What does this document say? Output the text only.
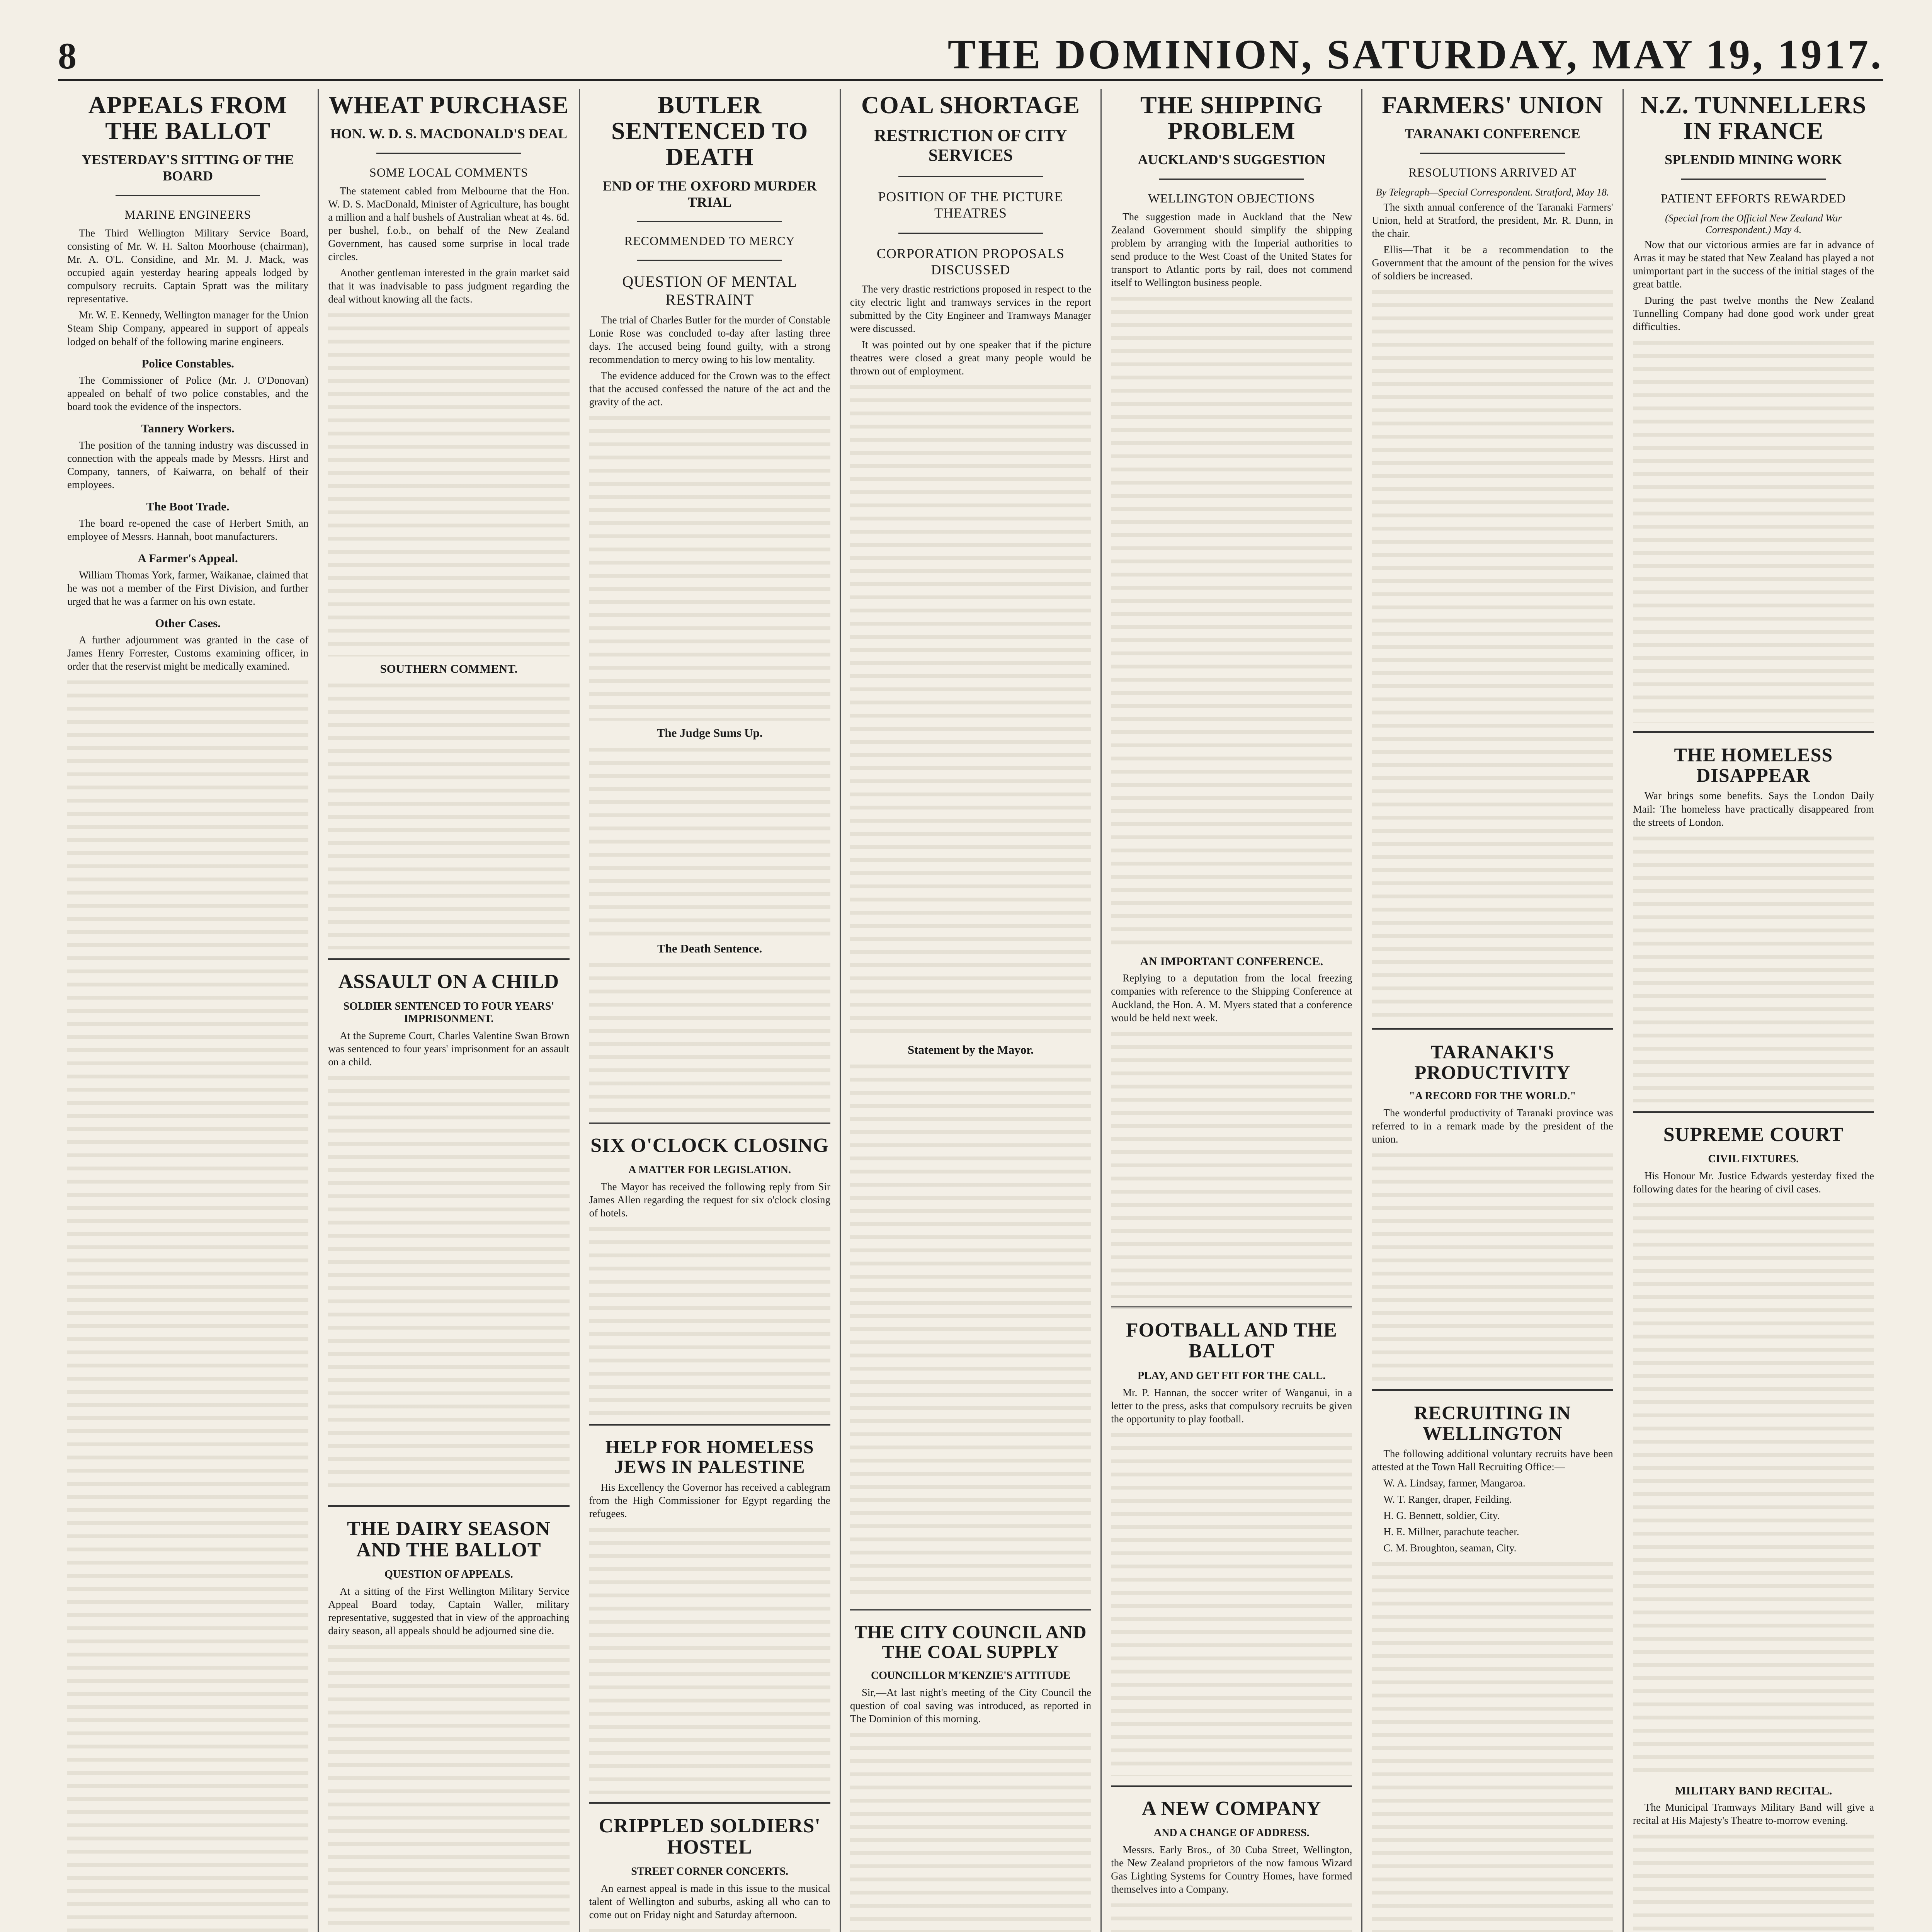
8	THE DOMINION, SATURDAY, MAY 19, 1917.
APPEALS FROM THE BALLOT
YESTERDAY'S SITTING OF THE BOARD
MARINE ENGINEERS

The Third Wellington Military Service Board, consisting of Mr. W. H. Salton Moorhouse (chairman), Mr. A. O'L. Considine, and Mr. M. J. Mack, was occupied again yesterday hearing appeals lodged by compulsory recruits. Captain Spratt was the military representative.

Mr. W. E. Kennedy, Wellington manager for the Union Steam Ship Company, appeared in support of appeals lodged on behalf of the following marine engineers.

Police Constables.

The Commissioner of Police (Mr. J. O'Donovan) appealed on behalf of two police constables, and the board took the evidence of the inspectors.

Tannery Workers.

The position of the tanning industry was discussed in connection with the appeals made by Messrs. Hirst and Company, tanners, of Kaiwarra, on behalf of their employees.

The Boot Trade.

The board re-opened the case of Herbert Smith, an employee of Messrs. Hannah, boot manufacturers.

A Farmer's Appeal.

William Thomas York, farmer, Waikanae, claimed that he was not a member of the First Division, and further urged that he was a farmer on his own estate.

Other Cases.

A further adjournment was granted in the case of James Henry Forrester, Customs examining officer, in order that the reservist might be medically examined.

WHEAT PURCHASE
HON. W. D. S. MACDONALD'S DEAL
SOME LOCAL COMMENTS

The statement cabled from Melbourne that the Hon. W. D. S. MacDonald, Minister of Agriculture, has bought a million and a half bushels of Australian wheat at 4s. 6d. per bushel, f.o.b., on behalf of the New Zealand Government, has caused some surprise in local trade circles.

Another gentleman interested in the grain market said that it was inadvisable to pass judgment regarding the deal without knowing all the facts.

SOUTHERN COMMENT.
ASSAULT ON A CHILD
SOLDIER SENTENCED TO FOUR YEARS' IMPRISONMENT.

At the Supreme Court, Charles Valentine Swan Brown was sentenced to four years' imprisonment for an assault on a child.

THE DAIRY SEASON AND THE BALLOT
QUESTION OF APPEALS.

At a sitting of the First Wellington Military Service Appeal Board today, Captain Waller, military representative, suggested that in view of the approaching dairy season, all appeals should be adjourned sine die.

BUTLER SENTENCED TO DEATH
END OF THE OXFORD MURDER TRIAL
RECOMMENDED TO MERCY
QUESTION OF MENTAL RESTRAINT

The trial of Charles Butler for the murder of Constable Lonie Rose was concluded to-day after lasting three days. The accused being found guilty, with a strong recommendation to mercy owing to his low mentality.

The evidence adduced for the Crown was to the effect that the accused confessed the nature of the act and the gravity of the act.

The Judge Sums Up.
The Death Sentence.
SIX O'CLOCK CLOSING
A MATTER FOR LEGISLATION.

The Mayor has received the following reply from Sir James Allen regarding the request for six o'clock closing of hotels.

HELP FOR HOMELESS JEWS IN PALESTINE

His Excellency the Governor has received a cablegram from the High Commissioner for Egypt regarding the refugees.

CRIPPLED SOLDIERS' HOSTEL
STREET CORNER CONCERTS.

An earnest appeal is made in this issue to the musical talent of Wellington and suburbs, asking all who can to come out on Friday night and Saturday afternoon.

COAL SHORTAGE
RESTRICTION OF CITY SERVICES
POSITION OF THE PICTURE THEATRES
CORPORATION PROPOSALS DISCUSSED

The very drastic restrictions proposed in respect to the city electric light and tramways services in the report submitted by the City Engineer and Tramways Manager were discussed.

It was pointed out by one speaker that if the picture theatres were closed a great many people would be thrown out of employment.

Statement by the Mayor.
THE CITY COUNCIL AND THE COAL SUPPLY
COUNCILLOR M'KENZIE'S ATTITUDE

Sir,—At last night's meeting of the City Council the question of coal saving was introduced, as reported in The Dominion of this morning.

THE SHIPPING PROBLEM
AUCKLAND'S SUGGESTION
WELLINGTON OBJECTIONS

The suggestion made in Auckland that the New Zealand Government should simplify the shipping problem by arranging with the Imperial authorities to send produce to the West Coast of the United States for transport to Atlantic ports by rail, does not commend itself to Wellington business people.

AN IMPORTANT CONFERENCE.

Replying to a deputation from the local freezing companies with reference to the Shipping Conference at Auckland, the Hon. A. M. Myers stated that a conference would be held next week.

FOOTBALL AND THE BALLOT
PLAY, AND GET FIT FOR THE CALL.

Mr. P. Hannan, the soccer writer of Wanganui, in a letter to the press, asks that compulsory recruits be given the opportunity to play football.

A NEW COMPANY
AND A CHANGE OF ADDRESS.

Messrs. Early Bros., of 30 Cuba Street, Wellington, the New Zealand proprietors of the now famous Wizard Gas Lighting Systems for Country Homes, have formed themselves into a Company.

FARMERS' UNION
TARANAKI CONFERENCE
RESOLUTIONS ARRIVED AT
By Telegraph—Special Correspondent. Stratford, May 18.

The sixth annual conference of the Taranaki Farmers' Union, held at Stratford, the president, Mr. R. Dunn, in the chair.

Ellis—That it be a recommendation to the Government that the amount of the pension for the wives of soldiers be increased.

TARANAKI'S PRODUCTIVITY
"A RECORD FOR THE WORLD."

The wonderful productivity of Taranaki province was referred to in a remark made by the president of the union.

RECRUITING IN WELLINGTON

The following additional voluntary recruits have been attested at the Town Hall Recruiting Office:—

W. A. Lindsay, farmer, Mangaroa.

W. T. Ranger, draper, Feilding.

H. G. Bennett, soldier, City.

H. E. Millner, parachute teacher.

C. M. Broughton, seaman, City.

N.Z. TUNNELLERS IN FRANCE
SPLENDID MINING WORK
PATIENT EFFORTS REWARDED
(Special from the Official New Zealand War Correspondent.) May 4.

Now that our victorious armies are far in advance of Arras it may be stated that New Zealand has played a not unimportant part in the success of the initial stages of the great battle.

During the past twelve months the New Zealand Tunnelling Company had done good work under great difficulties.

THE HOMELESS DISAPPEAR

War brings some benefits. Says the London Daily Mail: The homeless have practically disappeared from the streets of London.

SUPREME COURT
CIVIL FIXTURES.

His Honour Mr. Justice Edwards yesterday fixed the following dates for the hearing of civil cases.

MILITARY BAND RECITAL.

The Municipal Tramways Military Band will give a recital at His Majesty's Theatre to-morrow evening.
